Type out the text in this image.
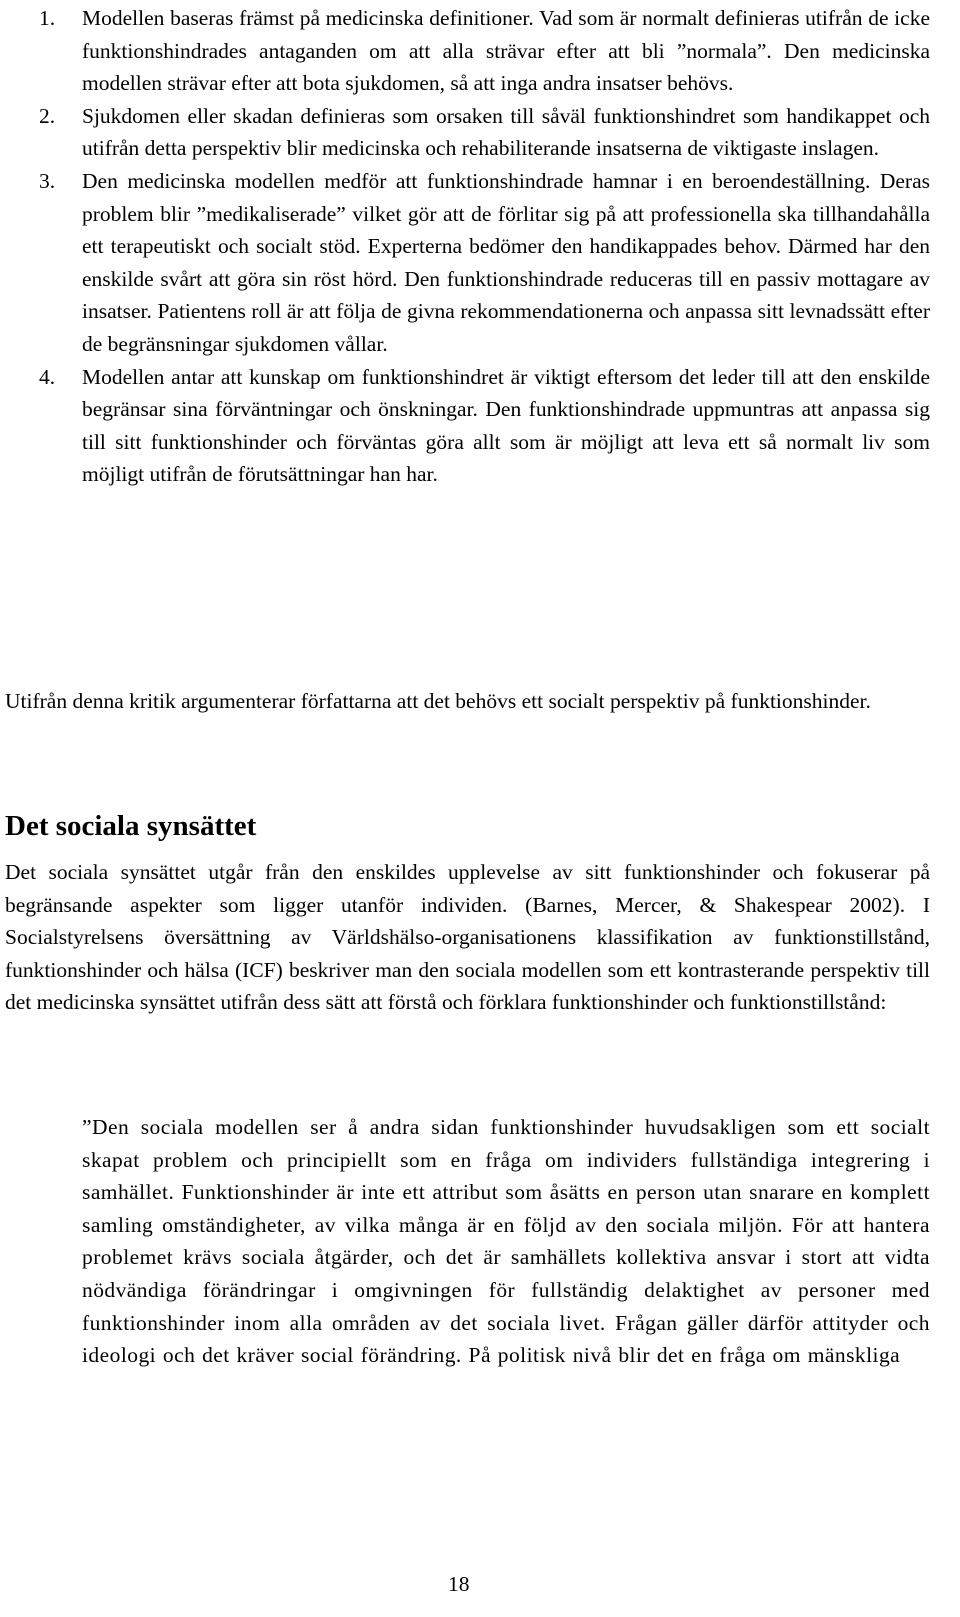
1. Modellen baseras främst på medicinska definitioner. Vad som är normalt definieras utifrån de icke funktionshindrades antaganden om att alla strävar efter att bli ”normala”. Den medicinska modellen strävar efter att bota sjukdomen, så att inga andra insatser behövs.
2. Sjukdomen eller skadan definieras som orsaken till såväl funktionshindret som handikappet och utifrån detta perspektiv blir medicinska och rehabiliterande insatserna de viktigaste inslagen.
3. Den medicinska modellen medför att funktionshindrade hamnar i en beroendeställning. Deras problem blir ”medikaliserade” vilket gör att de förlitar sig på att professionella ska tillhandahålla ett terapeutiskt och socialt stöd. Experterna bedömer den handikappades behov. Därmed har den enskilde svårt att göra sin röst hörd. Den funktionshindrade reduceras till en passiv mottagare av insatser. Patientens roll är att följa de givna rekommendationerna och anpassa sitt levnadssätt efter de begränsningar sjukdomen vållar.
4. Modellen antar att kunskap om funktionshindret är viktigt eftersom det leder till att den enskilde begränsar sina förväntningar och önskningar. Den funktionshindrade uppmuntras att anpassa sig till sitt funktionshinder och förväntas göra allt som är möjligt att leva ett så normalt liv som möjligt utifrån de förutsättningar han har.

Utifrån denna kritik argumenterar författarna att det behövs ett socialt perspektiv på funktionshinder.

Det sociala synsättet

Det sociala synsättet utgår från den enskildes upplevelse av sitt funktionshinder och fokuserar på begränsande aspekter som ligger utanför individen. (Barnes, Mercer, & Shakespear 2002). I Socialstyrelsens översättning av Världshälso-organisationens klassifikation av funktionstillstånd, funktionshinder och hälsa (ICF) beskriver man den sociala modellen som ett kontrasterande perspektiv till det medicinska synsättet utifrån dess sätt att förstå och förklara funktionshinder och funktionstillstånd:

”Den sociala modellen ser å andra sidan funktionshinder huvudsakligen som ett socialt skapat problem och principiellt som en fråga om individers fullständiga integrering i samhället. Funktionshinder är inte ett attribut som åsätts en person utan snarare en komplett samling omständigheter, av vilka många är en följd av den sociala miljön. För att hantera problemet krävs sociala åtgärder, och det är samhällets kollektiva ansvar i stort att vidta nödvändiga förändringar i omgivningen för fullständig delaktighet av personer med funktionshinder inom alla områden av det sociala livet. Frågan gäller därför attityder och ideologi och det kräver social förändring. På politisk nivå blir det en fråga om mänskliga

18
